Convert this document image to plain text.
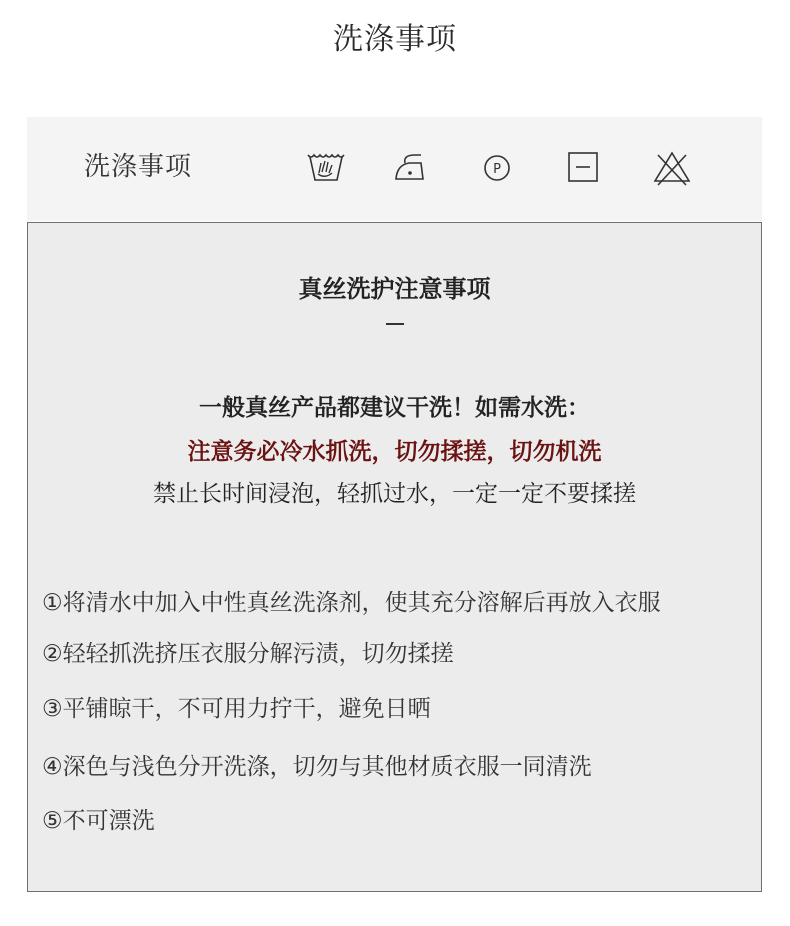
洗涤事项
洗涤事项	P
真丝洗护注意事项
一般真丝产品都建议干洗！如需水洗：
注意务必冷水抓洗，切勿揉搓，切勿机洗
禁止长时间浸泡，轻抓过水，一定一定不要揉搓
①将清水中加入中性真丝洗涤剂，使其充分溶解后再放入衣服
②轻轻抓洗挤压衣服分解污渍，切勿揉搓
③平铺晾干，不可用力拧干，避免日晒
④深色与浅色分开洗涤，切勿与其他材质衣服一同清洗
⑤不可漂洗
